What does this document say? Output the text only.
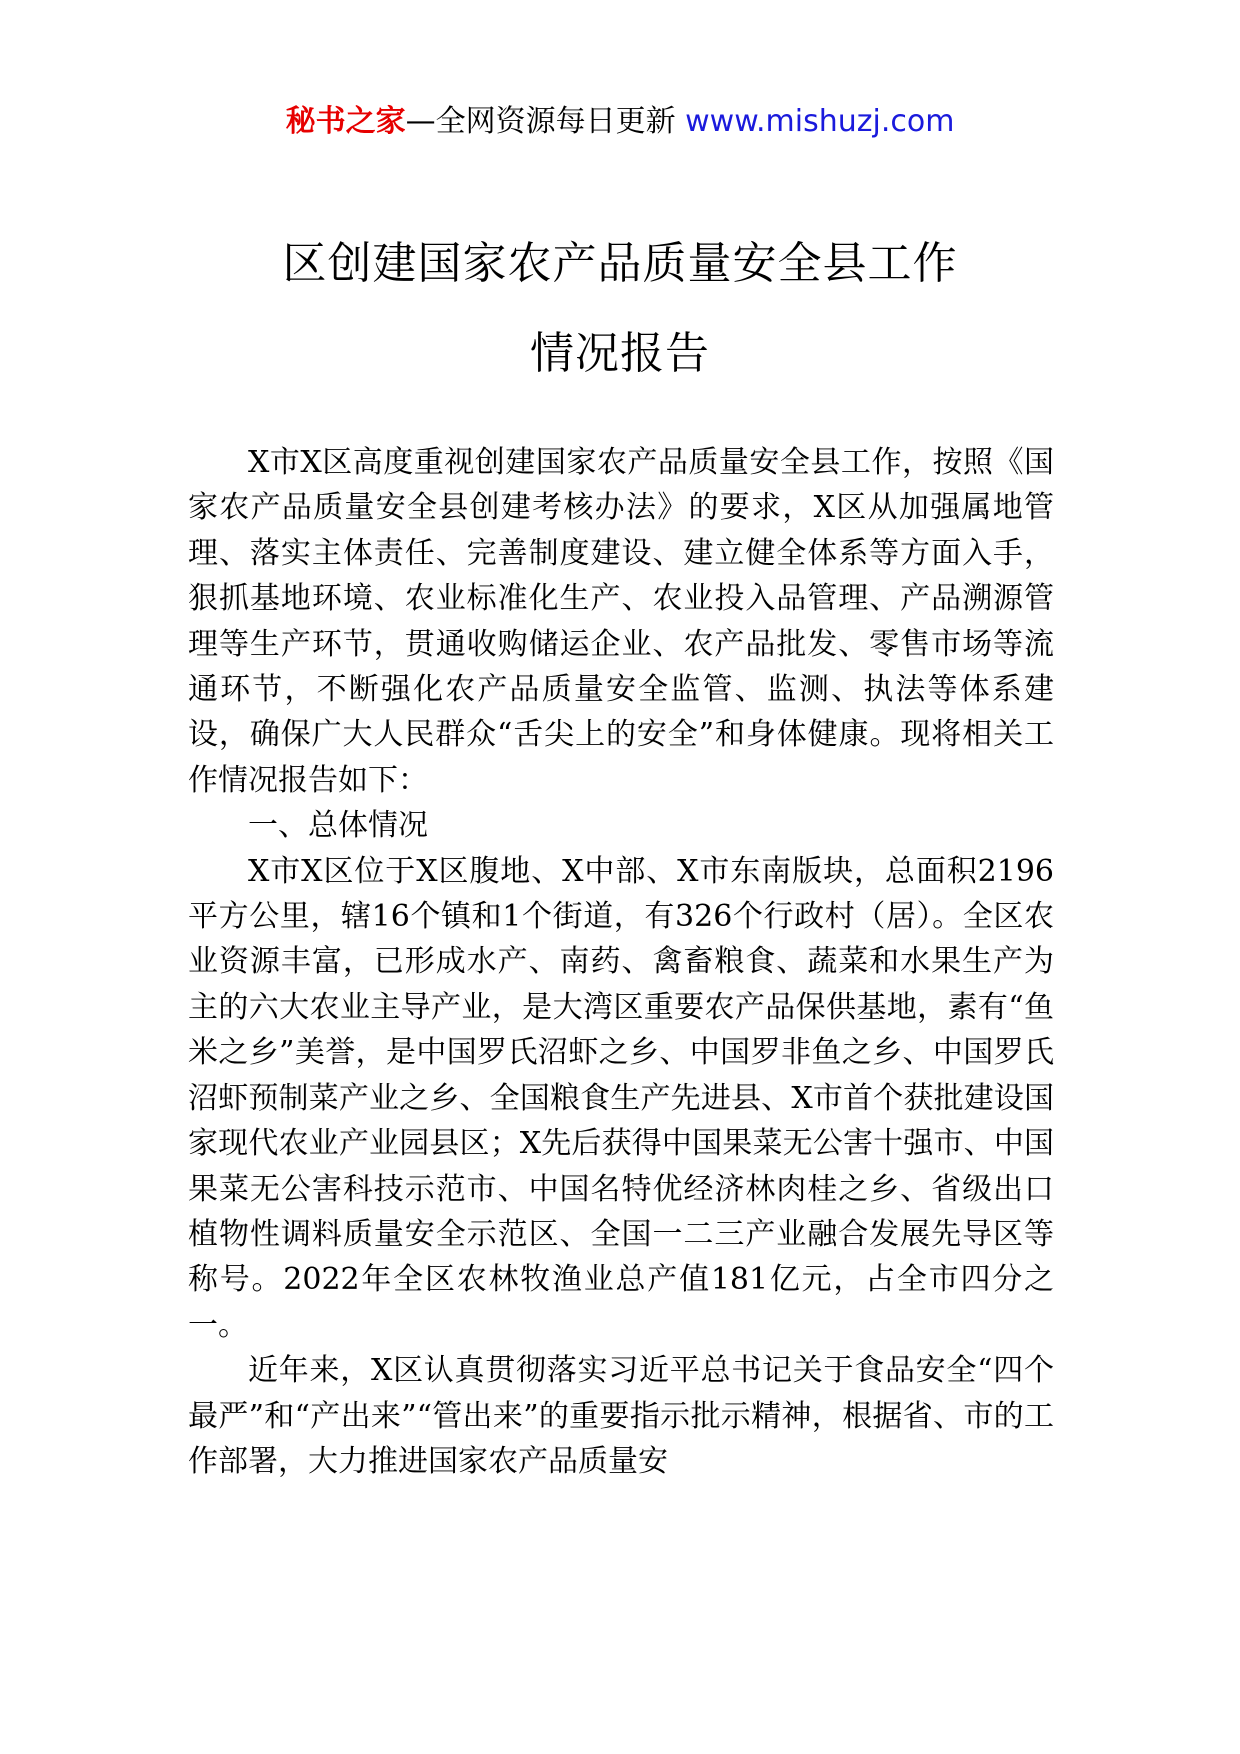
秘书之家—全网资源每日更新 www.mishuzj.com
区创建国家农产品质量安全县工作
情况报告

X市X区高度重视创建国家农产品质量安全县工作，按照《国家农产品质量安全县创建考核办法》的要求，X区从加强属地管理、落实主体责任、完善制度建设、建立健全体系等方面入手，狠抓基地环境、农业标准化生产、农业投入品管理、产品溯源管理等生产环节，贯通收购储运企业、农产品批发、零售市场等流通环节，不断强化农产品质量安全监管、监测、执法等体系建设，确保广大人民群众“舌尖上的安全”和身体健康。现将相关工作情况报告如下：

一、总体情况

X市X区位于X区腹地、X中部、X市东南版块，总面积2196平方公里，辖16个镇和1个街道，有326个行政村（居）。全区农业资源丰富，已形成水产、南药、禽畜粮食、蔬菜和水果生产为主的六大农业主导产业，是大湾区重要农产品保供基地，素有“鱼米之乡”美誉，是中国罗氏沼虾之乡、中国罗非鱼之乡、中国罗氏沼虾预制菜产业之乡、全国粮食生产先进县、X市首个获批建设国家现代农业产业园县区；X先后获得中国果菜无公害十强市、中国果菜无公害科技示范市、中国名特优经济林肉桂之乡、省级出口植物性调料质量安全示范区、全国一二三产业融合发展先导区等称号。2022年全区农林牧渔业总产值181亿元，占全市四分之一。

近年来，X区认真贯彻落实习近平总书记关于食品安全“四个最严”和“产出来”“管出来”的重要指示批示精神，根据省、市的工作部署，大力推进国家农产品质量安
